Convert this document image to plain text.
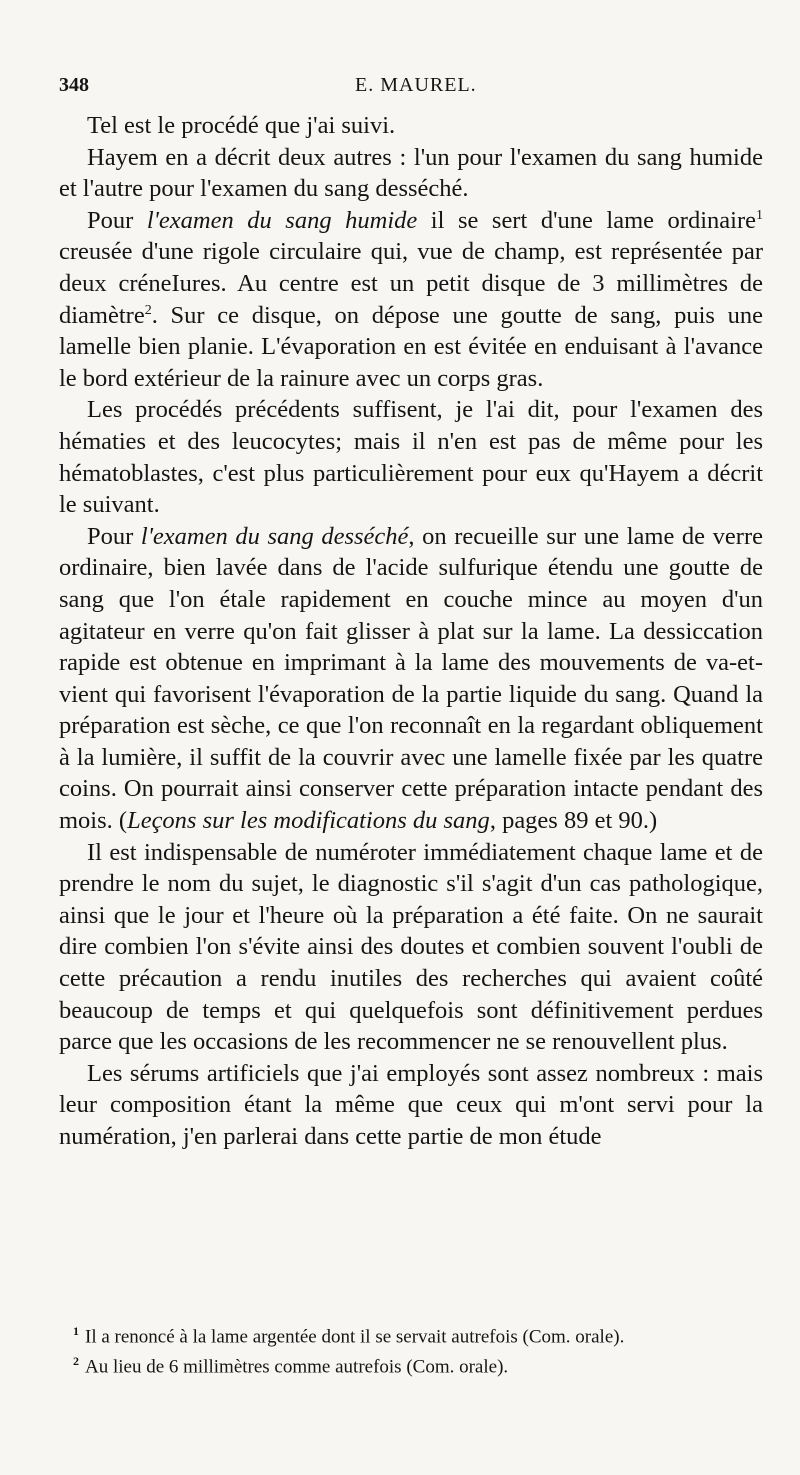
348	E. MAUREL.

Tel est le procédé que j'ai suivi.

Hayem en a décrit deux autres : l'un pour l'examen du sang humide et l'autre pour l'examen du sang desséché.

Pour l'examen du sang humide il se sert d'une lame ordinaire$^1$ creusée d'une rigole circulaire qui, vue de champ, est représentée par deux créneIures. Au centre est un petit disque de 3 millimètres de diamètre$^2$. Sur ce disque, on dépose une goutte de sang, puis une lamelle bien planie. L'évaporation en est évitée en enduisant à l'avance le bord extérieur de la rainure avec un corps gras.

Les procédés précédents suffisent, je l'ai dit, pour l'examen des hématies et des leucocytes; mais il n'en est pas de même pour les hématoblastes, c'est plus particulièrement pour eux qu'Hayem a décrit le suivant.

Pour l'examen du sang desséché, on recueille sur une lame de verre ordinaire, bien lavée dans de l'acide sulfurique étendu une goutte de sang que l'on étale rapidement en couche mince au moyen d'un agitateur en verre qu'on fait glisser à plat sur la lame. La dessiccation rapide est obtenue en imprimant à la lame des mouvements de va-et-vient qui favorisent l'évaporation de la partie liquide du sang. Quand la préparation est sèche, ce que l'on reconnaît en la regardant obliquement à la lumière, il suffit de la couvrir avec une lamelle fixée par les quatre coins. On pourrait ainsi conserver cette préparation intacte pendant des mois. (Leçons sur les modifications du sang, pages 89 et 90.)

Il est indispensable de numéroter immédiatement chaque lame et de prendre le nom du sujet, le diagnostic s'il s'agit d'un cas pathologique, ainsi que le jour et l'heure où la préparation a été faite. On ne saurait dire combien l'on s'évite ainsi des doutes et combien souvent l'oubli de cette précaution a rendu inutiles des recherches qui avaient coûté beaucoup de temps et qui quelquefois sont définitivement perdues parce que les occasions de les recommencer ne se renouvellent plus.

Les sérums artificiels que j'ai employés sont assez nombreux : mais leur composition étant la même que ceux qui m'ont servi pour la numération, j'en parlerai dans cette partie de mon étude

$^1$ Il a renoncé à la lame argentée dont il se servait autrefois (Com. orale).

$^2$ Au lieu de 6 millimètres comme autrefois (Com. orale).
